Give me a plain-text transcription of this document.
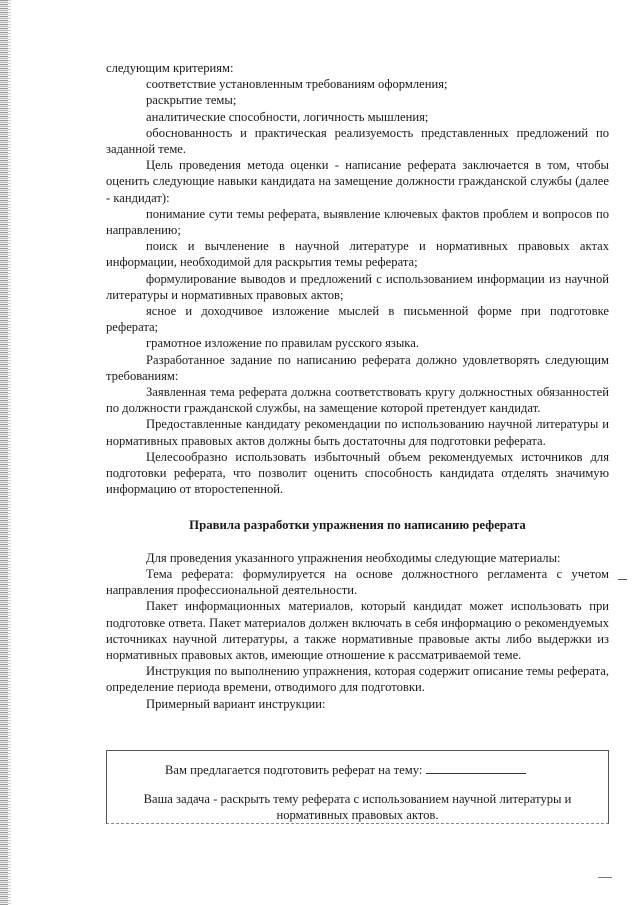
следующим критериям:

соответствие установленным требованиям оформления;

раскрытие темы;

аналитические способности, логичность мышления;

обоснованность и практическая реализуемость представленных предложений по заданной теме.

Цель проведения метода оценки - написание реферата заключается в том, чтобы оценить следующие навыки кандидата на замещение должности гражданской службы (далее - кандидат):

понимание сути темы реферата, выявление ключевых фактов проблем и вопросов по направлению;

поиск и вычленение в научной литературе и нормативных правовых актах информации, необходимой для раскрытия темы реферата;

формулирование выводов и предложений с использованием информации из научной литературы и нормативных правовых актов;

ясное и доходчивое изложение мыслей в письменной форме при подготовке реферата;

грамотное изложение по правилам русского языка.

Разработанное задание по написанию реферата должно удовлетворять следующим требованиям:

Заявленная тема реферата должна соответствовать кругу должностных обязанностей по должности гражданской службы, на замещение которой претендует кандидат.

Предоставленные кандидату рекомендации по использованию научной литературы и нормативных правовых актов должны быть достаточны для подготовки реферата.

Целесообразно использовать избыточный объем рекомендуемых источников для подготовки реферата, что позволит оценить способность кандидата отделять значимую информацию от второстепенной.

Правила разработки упражнения по написанию реферата

Для проведения указанного упражнения необходимы следующие материалы:

Тема реферата: формулируется на основе должностного регламента с учетом направления профессиональной деятельности.

Пакет информационных материалов, который кандидат может использовать при подготовке ответа. Пакет материалов должен включать в себя информацию о рекомендуемых источниках научной литературы, а также нормативные правовые акты либо выдержки из нормативных правовых актов, имеющие отношение к рассматриваемой теме.

Инструкция по выполнению упражнения, которая содержит описание темы реферата, определение периода времени, отводимого для подготовки.

Примерный вариант инструкции:

Вам предлагается подготовить реферат на тему:
Ваша задача - раскрыть тему реферата с использованием научной литературы и нормативных правовых актов.
